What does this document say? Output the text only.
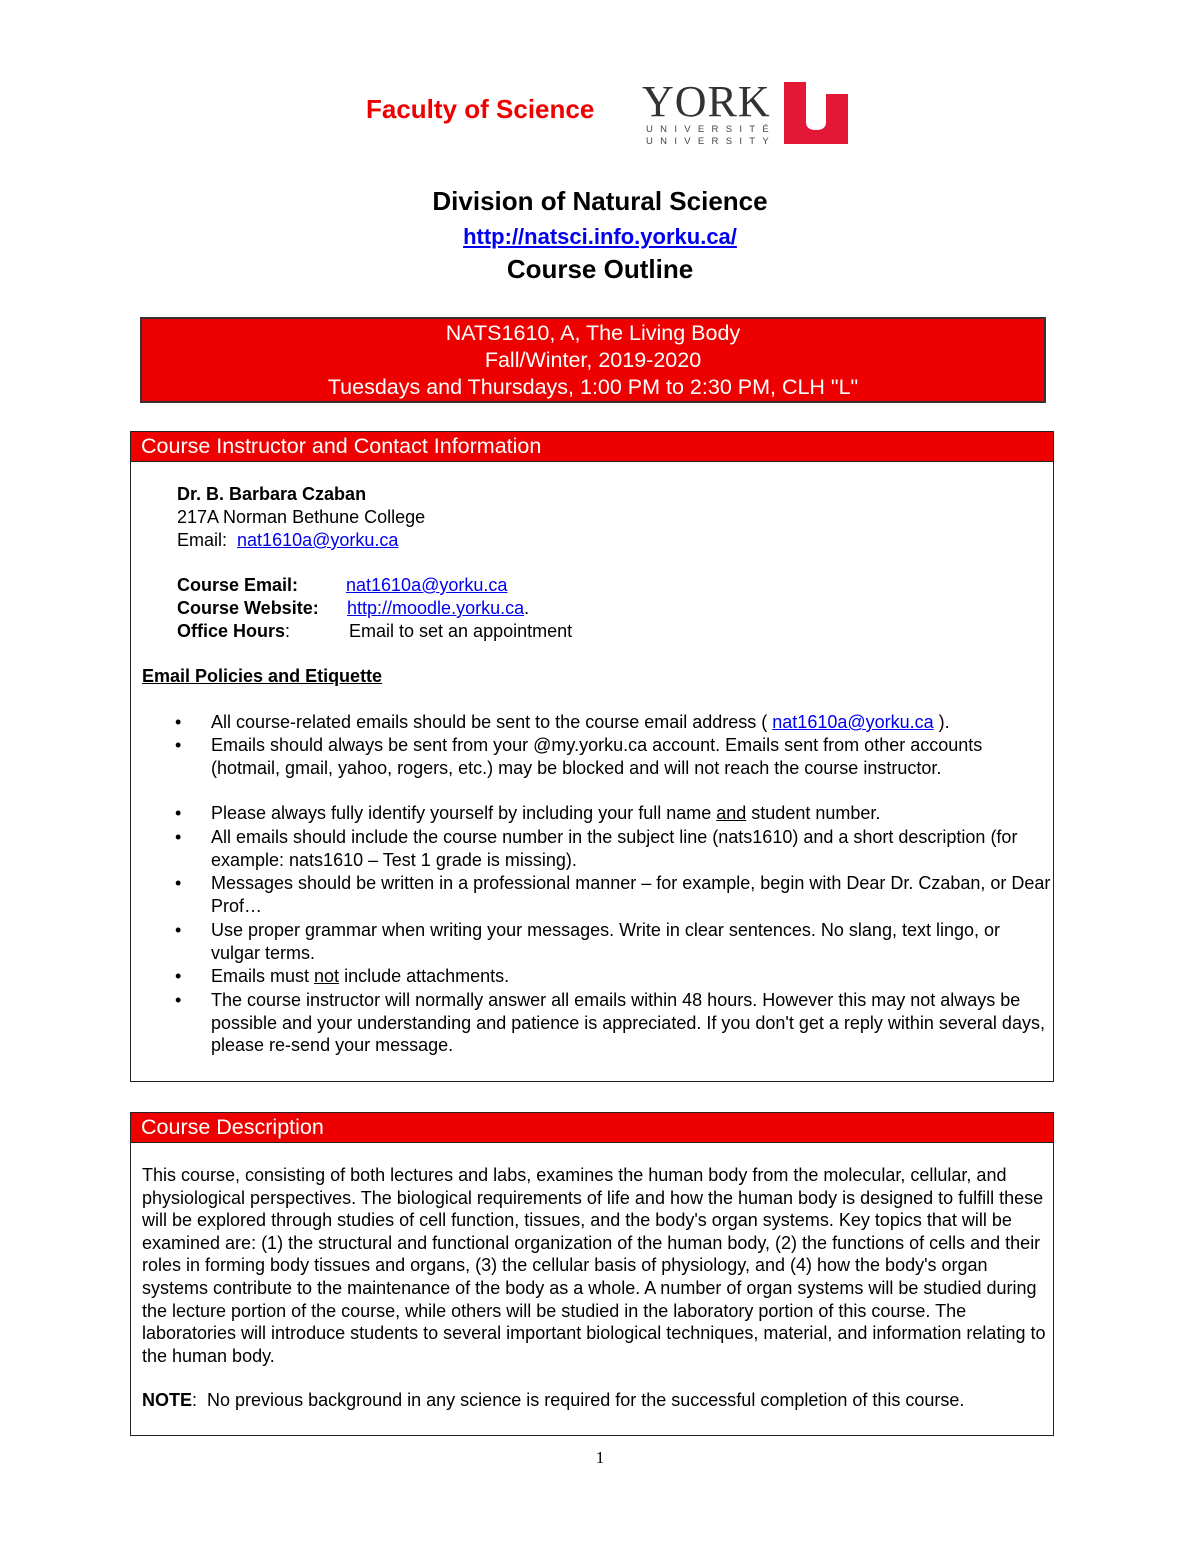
Faculty of Science YORK
UNIVERSITÉ
UNIVERSITY
Division of Natural Science
http://natsci.info.yorku.ca/
Course Outline
NATS1610, A, The Living Body
Fall/Winter, 2019-2020
Tuesdays and Thursdays, 1:00 PM to 2:30 PM, CLH "L"
Course Instructor and Contact Information
Dr. B. Barbara Czaban
217A Norman Bethune College
Email: nat1610a@yorku.ca
Course Email:	nat1610a@yorku.ca
Course Website: http://moodle.yorku.ca.
Office Hours:	Email to set an appointment
Email Policies and Etiquette
• All course-related emails should be sent to the course email address ( nat1610a@yorku.ca ).
• Emails should always be sent from your @my.yorku.ca account. Emails sent from other accounts (hotmail, gmail, yahoo, rogers, etc.) may be blocked and will not reach the course instructor.
• Please always fully identify yourself by including your full name and student number.
• All emails should include the course number in the subject line (nats1610) and a short description (for example: nats1610 – Test 1 grade is missing).
• Messages should be written in a professional manner – for example, begin with Dear Dr. Czaban, or Dear Prof…
• Use proper grammar when writing your messages. Write in clear sentences. No slang, text lingo, or vulgar terms.
• Emails must not include attachments.
• The course instructor will normally answer all emails within 48 hours. However this may not always be possible and your understanding and patience is appreciated. If you don't get a reply within several days, please re-send your message.
Course Description
This course, consisting of both lectures and labs, examines the human body from the molecular, cellular, and physiological perspectives. The biological requirements of life and how the human body is designed to fulfill these will be explored through studies of cell function, tissues, and the body's organ systems. Key topics that will be examined are: (1) the structural and functional organization of the human body, (2) the functions of cells and their roles in forming body tissues and organs, (3) the cellular basis of physiology, and (4) how the body's organ systems contribute to the maintenance of the body as a whole. A number of organ systems will be studied during the lecture portion of the course, while others will be studied in the laboratory portion of this course. The laboratories will introduce students to several important biological techniques, material, and information relating to the human body.
NOTE:  No previous background in any science is required for the successful completion of this course.
1
